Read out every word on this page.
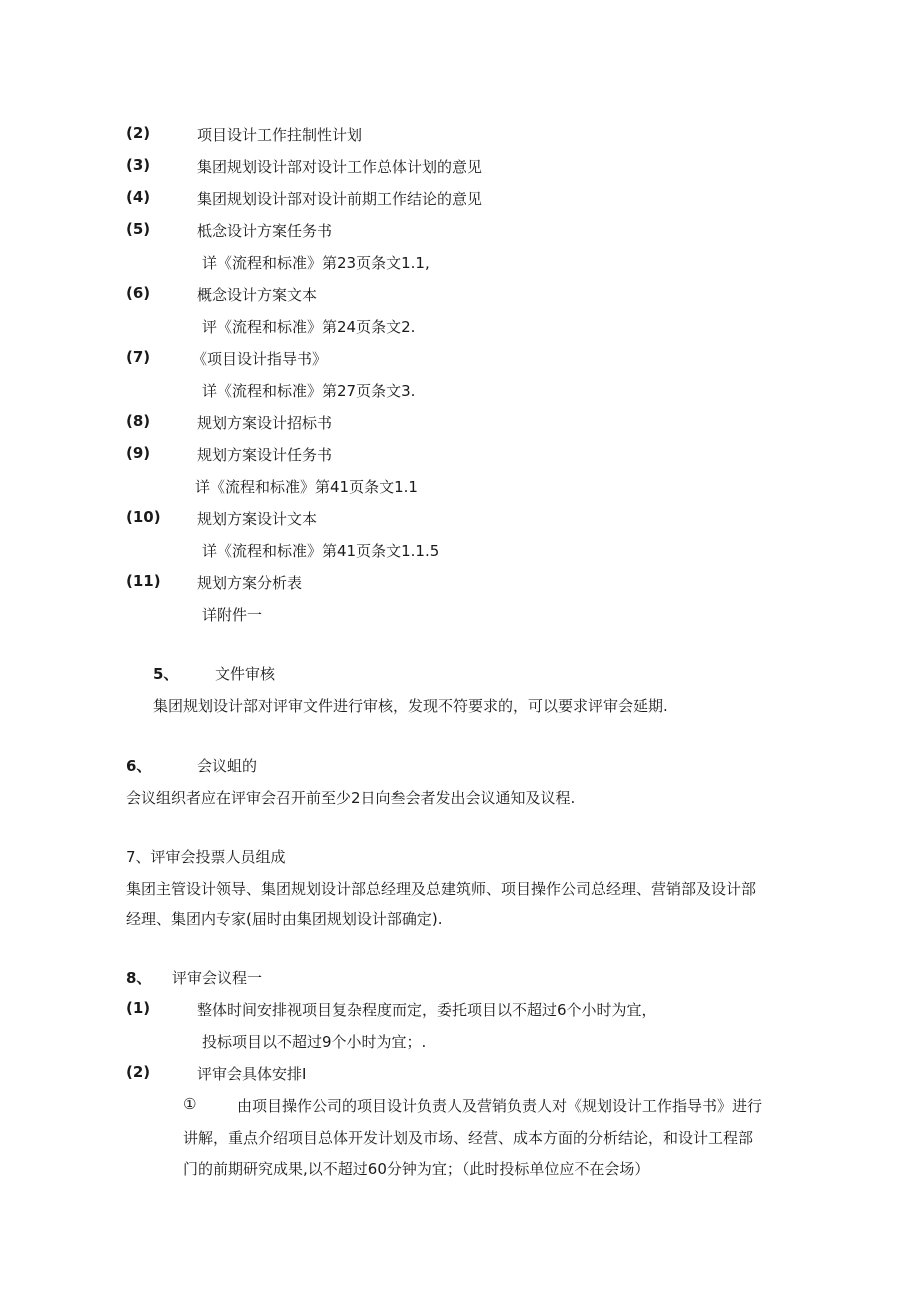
(2)	项目设计工作拄制性计划
(3)	集团规划设计部对设计工作总体计划的意见
(4)	集团规划设计部对设计前期工作结论的意见
(5)	柢念设计方案任务书
详《流程和标准》第23页条文1.1,
(6)	概念设计方案文本
评《流程和标准》第24页条文2.
(7)	《项目设计指导书》
详《流程和标准》第27页条文3.
(8)	规划方案设计招标书
(9)	规划方案设计任务书
详《流程和标准》第41页条文1.1
(10) 规划方案设计文本
详《流程和标准》第41页条文1.1.5
(11) 规划方案分析表
详附件一
5、 文件审核
集团规划设计部对评审文件进行审核，发现不符要求的，可以要求评审会延期.
6、	会议蛆的
会议组织者应在评审会召开前至少2日向叁会者发出会议通知及议程.
7、评审会投票人员组成
集团主管设计领导、集团规划设计部总经理及总建筑师、项目操作公司总经理、营销部及设计部
经理、集团内专家(届时由集团规划设计部确定).
8、 评审会议程一
(1)	整体时间安排视项目复杂程度而定，委托项目以不超过6个小时为宜，
投标项目以不超过9个小时为宜；.
(2)	评审会具体安排I
①	由项目操作公司的项目设计负责人及营销负责人对《规划设计工作指导书》进行
讲解，重点介绍项目总体开发计划及市场、经营、成本方面的分析结论，和设计工程部
门的前期研究成果,以不超过60分钟为宜；（此时投标单位应不在会场）
